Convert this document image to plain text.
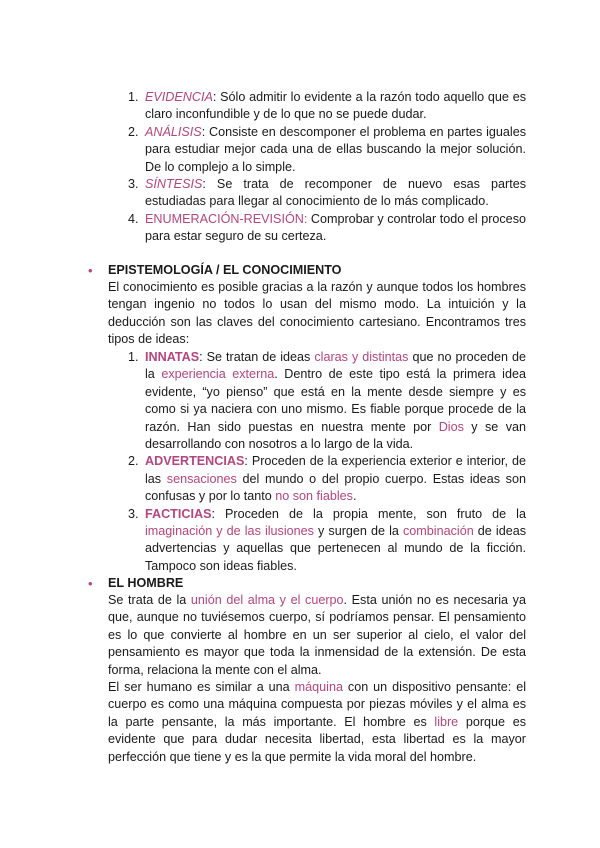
1. EVIDENCIA: Sólo admitir lo evidente a la razón todo aquello que es claro inconfundible y de lo que no se puede dudar.
2. ANÁLISIS: Consiste en descomponer el problema en partes iguales para estudiar mejor cada una de ellas buscando la mejor solución. De lo complejo a lo simple.
3. SÍNTESIS: Se trata de recomponer de nuevo esas partes estudiadas para llegar al conocimiento de lo más complicado.
4. ENUMERACIÓN-REVISIÓN: Comprobar y controlar todo el proceso para estar seguro de su certeza.
• EPISTEMOLOGÍA / EL CONOCIMIENTO

El conocimiento es posible gracias a la razón y aunque todos los hombres tengan ingenio no todos lo usan del mismo modo. La intuición y la deducción son las claves del conocimiento cartesiano. Encontramos tres tipos de ideas:

1. INNATAS: Se tratan de ideas claras y distintas que no proceden de la experiencia externa. Dentro de este tipo está la primera idea evidente, “yo pienso” que está en la mente desde siempre y es como si ya naciera con uno mismo. Es fiable porque procede de la razón. Han sido puestas en nuestra mente por Dios y se van desarrollando con nosotros a lo largo de la vida.
2. ADVERTENCIAS: Proceden de la experiencia exterior e interior, de las sensaciones del mundo o del propio cuerpo. Estas ideas son confusas y por lo tanto no son fiables.
3. FACTICIAS: Proceden de la propia mente, son fruto de la imaginación y de las ilusiones y surgen de la combinación de ideas advertencias y aquellas que pertenecen al mundo de la ficción. Tampoco son ideas fiables.
• EL HOMBRE

Se trata de la unión del alma y el cuerpo. Esta unión no es necesaria ya que, aunque no tuviésemos cuerpo, sí podríamos pensar. El pensamiento es lo que convierte al hombre en un ser superior al cielo, el valor del pensamiento es mayor que toda la inmensidad de la extensión. De esta forma, relaciona la mente con el alma.

El ser humano es similar a una máquina con un dispositivo pensante: el cuerpo es como una máquina compuesta por piezas móviles y el alma es la parte pensante, la más importante. El hombre es libre porque es evidente que para dudar necesita libertad, esta libertad es la mayor perfección que tiene y es la que permite la vida moral del hombre.
